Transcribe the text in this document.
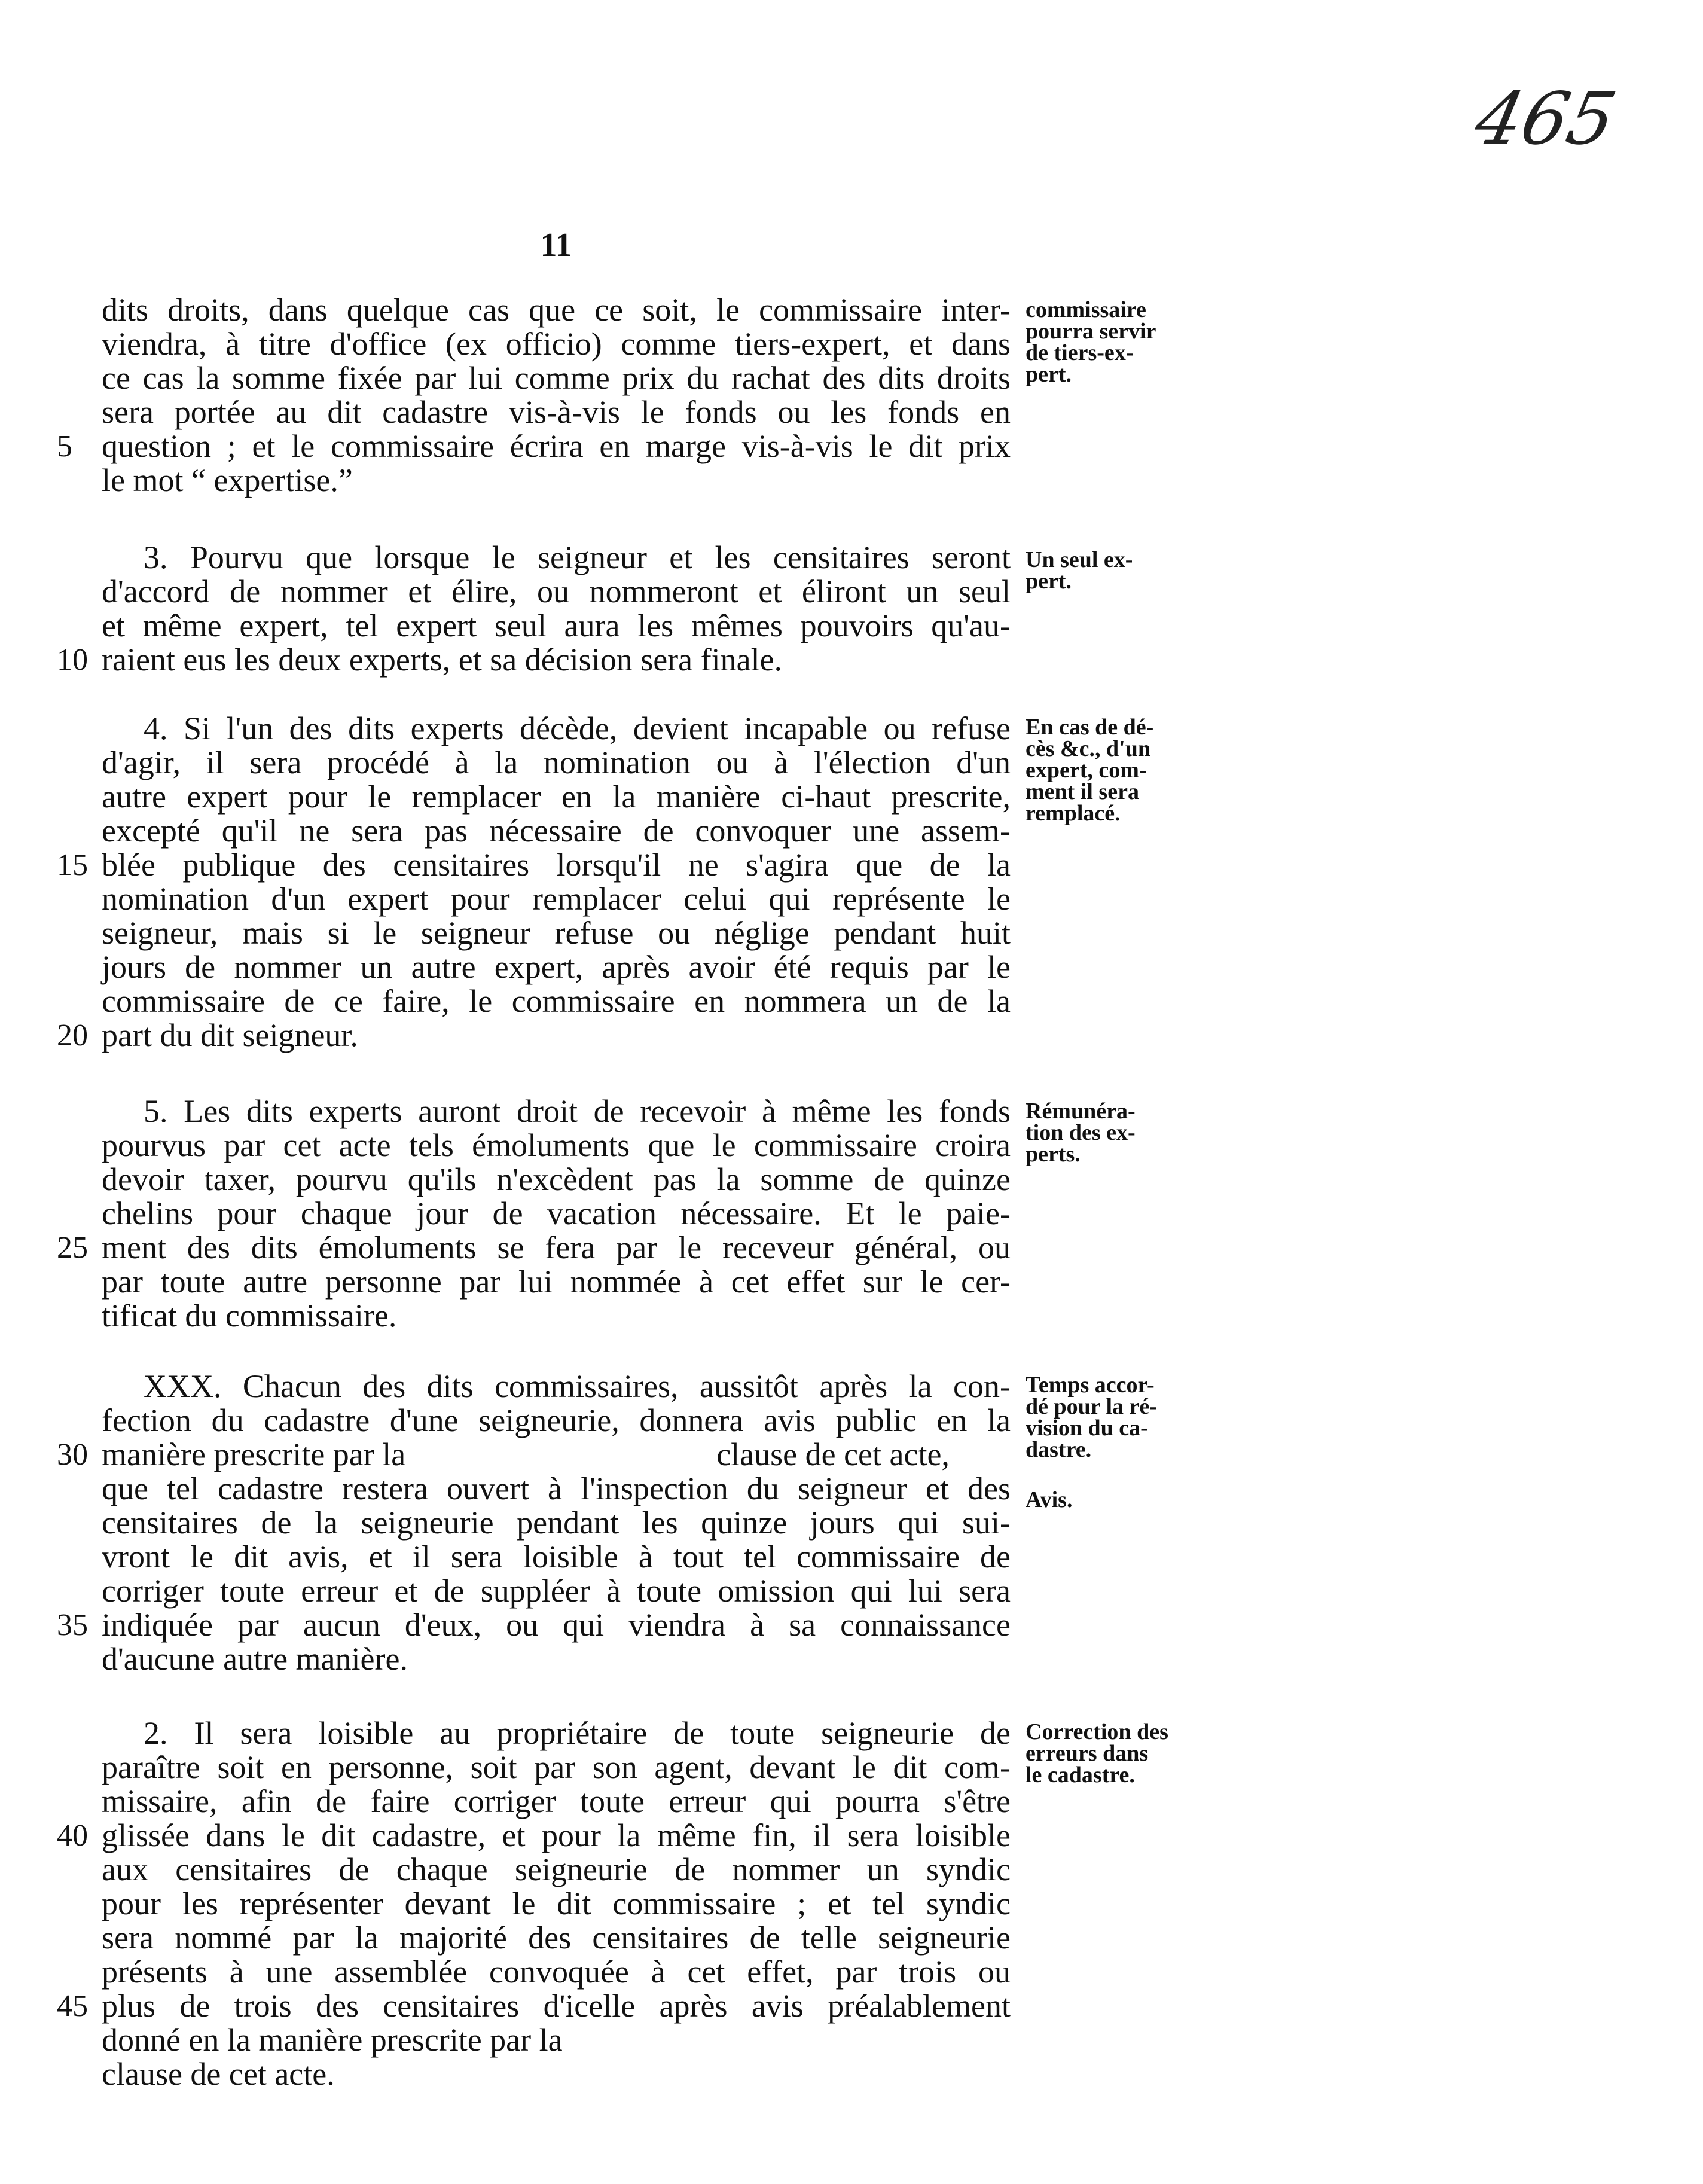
465
11
dits droits, dans quelque cas que ce soit, le commissaire inter-
viendra, à titre d'office (ex officio) comme tiers-expert, et dans
ce cas la somme fixée par lui comme prix du rachat des dits droits
sera portée au dit cadastre vis-à-vis le fonds ou les fonds en
5 question ; et le commissaire écrira en marge vis-à-vis le dit prix
le mot “ expertise.”
commissaire
pourra servir
de tiers-ex-
pert.
3. Pourvu que lorsque le seigneur et les censitaires seront
d'accord de nommer et élire, ou nommeront et éliront un seul
et même expert, tel expert seul aura les mêmes pouvoirs qu'au-
10 raient eus les deux experts, et sa décision sera finale.
Un seul ex-
pert.
4. Si l'un des dits experts décède, devient incapable ou refuse
d'agir, il sera procédé à la nomination ou à l'élection d'un
autre expert pour le remplacer en la manière ci-haut prescrite,
excepté qu'il ne sera pas nécessaire de convoquer une assem-
15 blée publique des censitaires lorsqu'il ne s'agira que de la
nomination d'un expert pour remplacer celui qui représente le
seigneur, mais si le seigneur refuse ou néglige pendant huit
jours de nommer un autre expert, après avoir été requis par le
commissaire de ce faire, le commissaire en nommera un de la
20 part du dit seigneur.
En cas de dé-
cès &c., d'un
expert, com-
ment il sera
remplacé.
5. Les dits experts auront droit de recevoir à même les fonds
pourvus par cet acte tels émoluments que le commissaire croira
devoir taxer, pourvu qu'ils n'excèdent pas la somme de quinze
chelins pour chaque jour de vacation nécessaire. Et le paie-
25 ment des dits émoluments se fera par le receveur général, ou
par toute autre personne par lui nommée à cet effet sur le cer-
tificat du commissaire.
Rémunéra-
tion des ex-
perts.
XXX. Chacun des dits commissaires, aussitôt après la con-
fection du cadastre d'une seigneurie, donnera avis public en la
30 manière prescrite par la	clause de cet acte,
que tel cadastre restera ouvert à l'inspection du seigneur et des
censitaires de la seigneurie pendant les quinze jours qui sui-
vront le dit avis, et il sera loisible à tout tel commissaire de
corriger toute erreur et de suppléer à toute omission qui lui sera
35 indiquée par aucun d'eux, ou qui viendra à sa connaissance
d'aucune autre manière.
Temps accor-
dé pour la ré-
vision du ca-
dastre.
Avis.
2. Il sera loisible au propriétaire de toute seigneurie de
paraître soit en personne, soit par son agent, devant le dit com-
missaire, afin de faire corriger toute erreur qui pourra s'être
40 glissée dans le dit cadastre, et pour la même fin, il sera loisible
aux censitaires de chaque seigneurie de nommer un syndic
pour les représenter devant le dit commissaire ; et tel syndic
sera nommé par la majorité des censitaires de telle seigneurie
présents à une assemblée convoquée à cet effet, par trois ou
45 plus de trois des censitaires d'icelle après avis préalablement
donné en la manière prescrite par la
clause de cet acte.
Correction des
erreurs dans
le cadastre.
